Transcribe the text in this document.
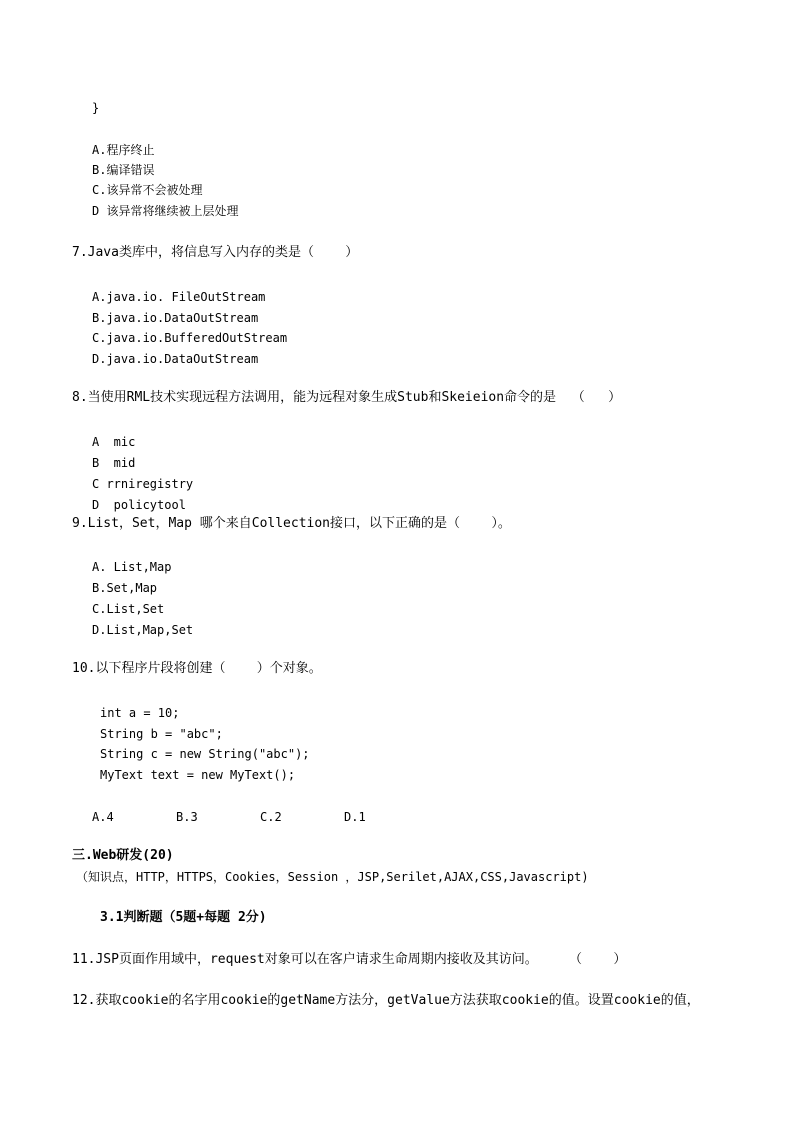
}
A.程序终止
B.编译错误
C.该异常不会被处理
D 该异常将继续被上层处理
7.Java类库中，将信息写入内存的类是（    ）
A.java.io. FileOutStream
B.java.io.DataOutStream
C.java.io.BufferedOutStream
D.java.io.DataOutStream
8.当使用RML技术实现远程方法调用，能为远程对象生成Stub和Skeieion命令的是  （   ）
A  mic
B  mid
C rrniregistry
D  policytool
9.List，Set，Map 哪个来自Collection接口，以下正确的是（    ）。
A. List,Map
B.Set,Map
C.List,Set
D.List,Map,Set
10.以下程序片段将创建（    ）个对象。
int a = 10;
String b = "abc";
String c = new String("abc");
MyText text = new MyText();
A.4	B.3	C.2	D.1
三.Web研发(20)
（知识点，HTTP，HTTPS，Cookies，Session ，JSP,Serilet,AJAX,CSS,Javascript)
3.1判断题（5题+每题 2分)
11.JSP页面作用域中，request对象可以在客户请求生命周期内接收及其访问。    （    ）
12.获取cookie的名字用cookie的getName方法分，getValue方法获取cookie的值。设置cookie的值，
